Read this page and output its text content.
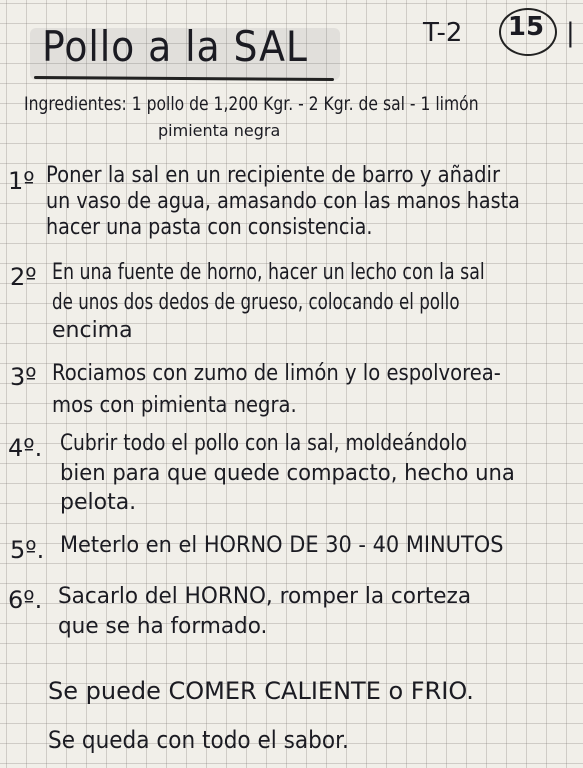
Pollo a la SAL	T-2 15 |
Ingredientes: 1 pollo de 1,200 Kgr. - 2 Kgr. de sal - 1 limón
pimienta negra
1º Poner la sal en un recipiente de barro y añadir
un vaso de agua, amasando con las manos hasta
hacer una pasta con consistencia.
2º En una fuente de horno, hacer un lecho con la sal
de unos dos dedos de grueso, colocando el pollo
encima
3º Rociamos con zumo de limón y lo espolvorea-
mos con pimienta negra.
4º. Cubrir todo el pollo con la sal, moldeándolo
bien para que quede compacto, hecho una
pelota.
5º. Meterlo en el HORNO DE 30 - 40 MINUTOS
6º. Sacarlo del HORNO, romper la corteza
que se ha formado.
Se puede COMER CALIENTE o FRIO.
Se queda con todo el sabor.
